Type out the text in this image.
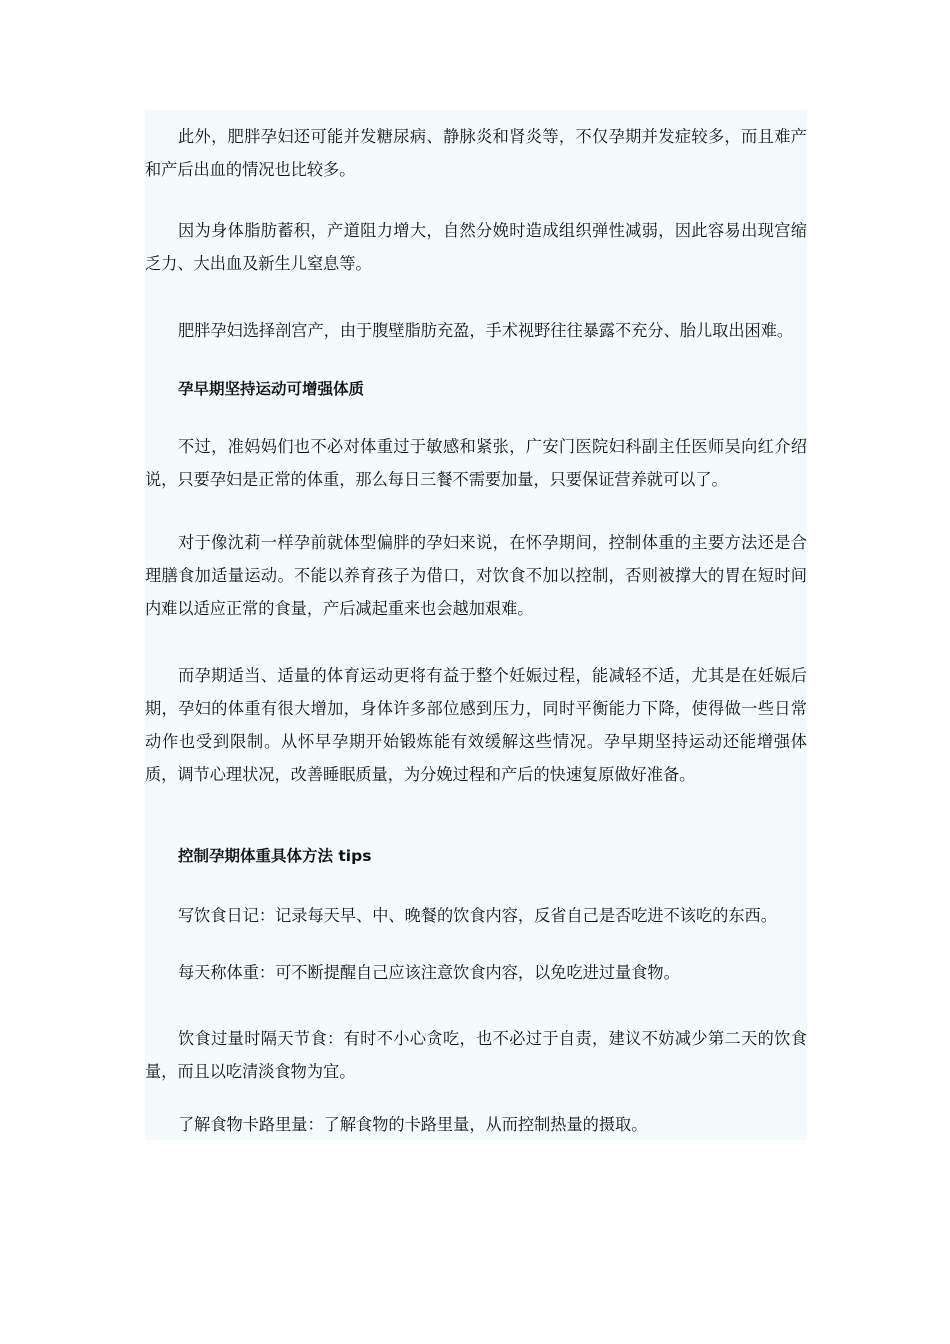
此外，肥胖孕妇还可能并发糖尿病、静脉炎和肾炎等，不仅孕期并发症较多，而且难产和产后出血的情况也比较多。
因为身体脂肪蓄积，产道阻力增大，自然分娩时造成组织弹性减弱，因此容易出现宫缩乏力、大出血及新生儿窒息等。
肥胖孕妇选择剖宫产，由于腹壁脂肪充盈，手术视野往往暴露不充分、胎儿取出困难。
孕早期坚持运动可增强体质
不过，准妈妈们也不必对体重过于敏感和紧张，广安门医院妇科副主任医师吴向红介绍说，只要孕妇是正常的体重，那么每日三餐不需要加量，只要保证营养就可以了。
对于像沈莉一样孕前就体型偏胖的孕妇来说，在怀孕期间，控制体重的主要方法还是合理膳食加适量运动。不能以养育孩子为借口，对饮食不加以控制，否则被撑大的胃在短时间内难以适应正常的食量，产后减起重来也会越加艰难。
而孕期适当、适量的体育运动更将有益于整个妊娠过程，能减轻不适，尤其是在妊娠后期，孕妇的体重有很大增加，身体许多部位感到压力，同时平衡能力下降，使得做一些日常动作也受到限制。从怀早孕期开始锻炼能有效缓解这些情况。孕早期坚持运动还能增强体质，调节心理状况，改善睡眠质量，为分娩过程和产后的快速复原做好准备。
控制孕期体重具体方法 tips
写饮食日记：记录每天早、中、晚餐的饮食内容，反省自己是否吃进不该吃的东西。
每天称体重：可不断提醒自己应该注意饮食内容，以免吃进过量食物。
饮食过量时隔天节食：有时不小心贪吃，也不必过于自责，建议不妨减少第二天的饮食量，而且以吃清淡食物为宜。
了解食物卡路里量：了解食物的卡路里量，从而控制热量的摄取。
